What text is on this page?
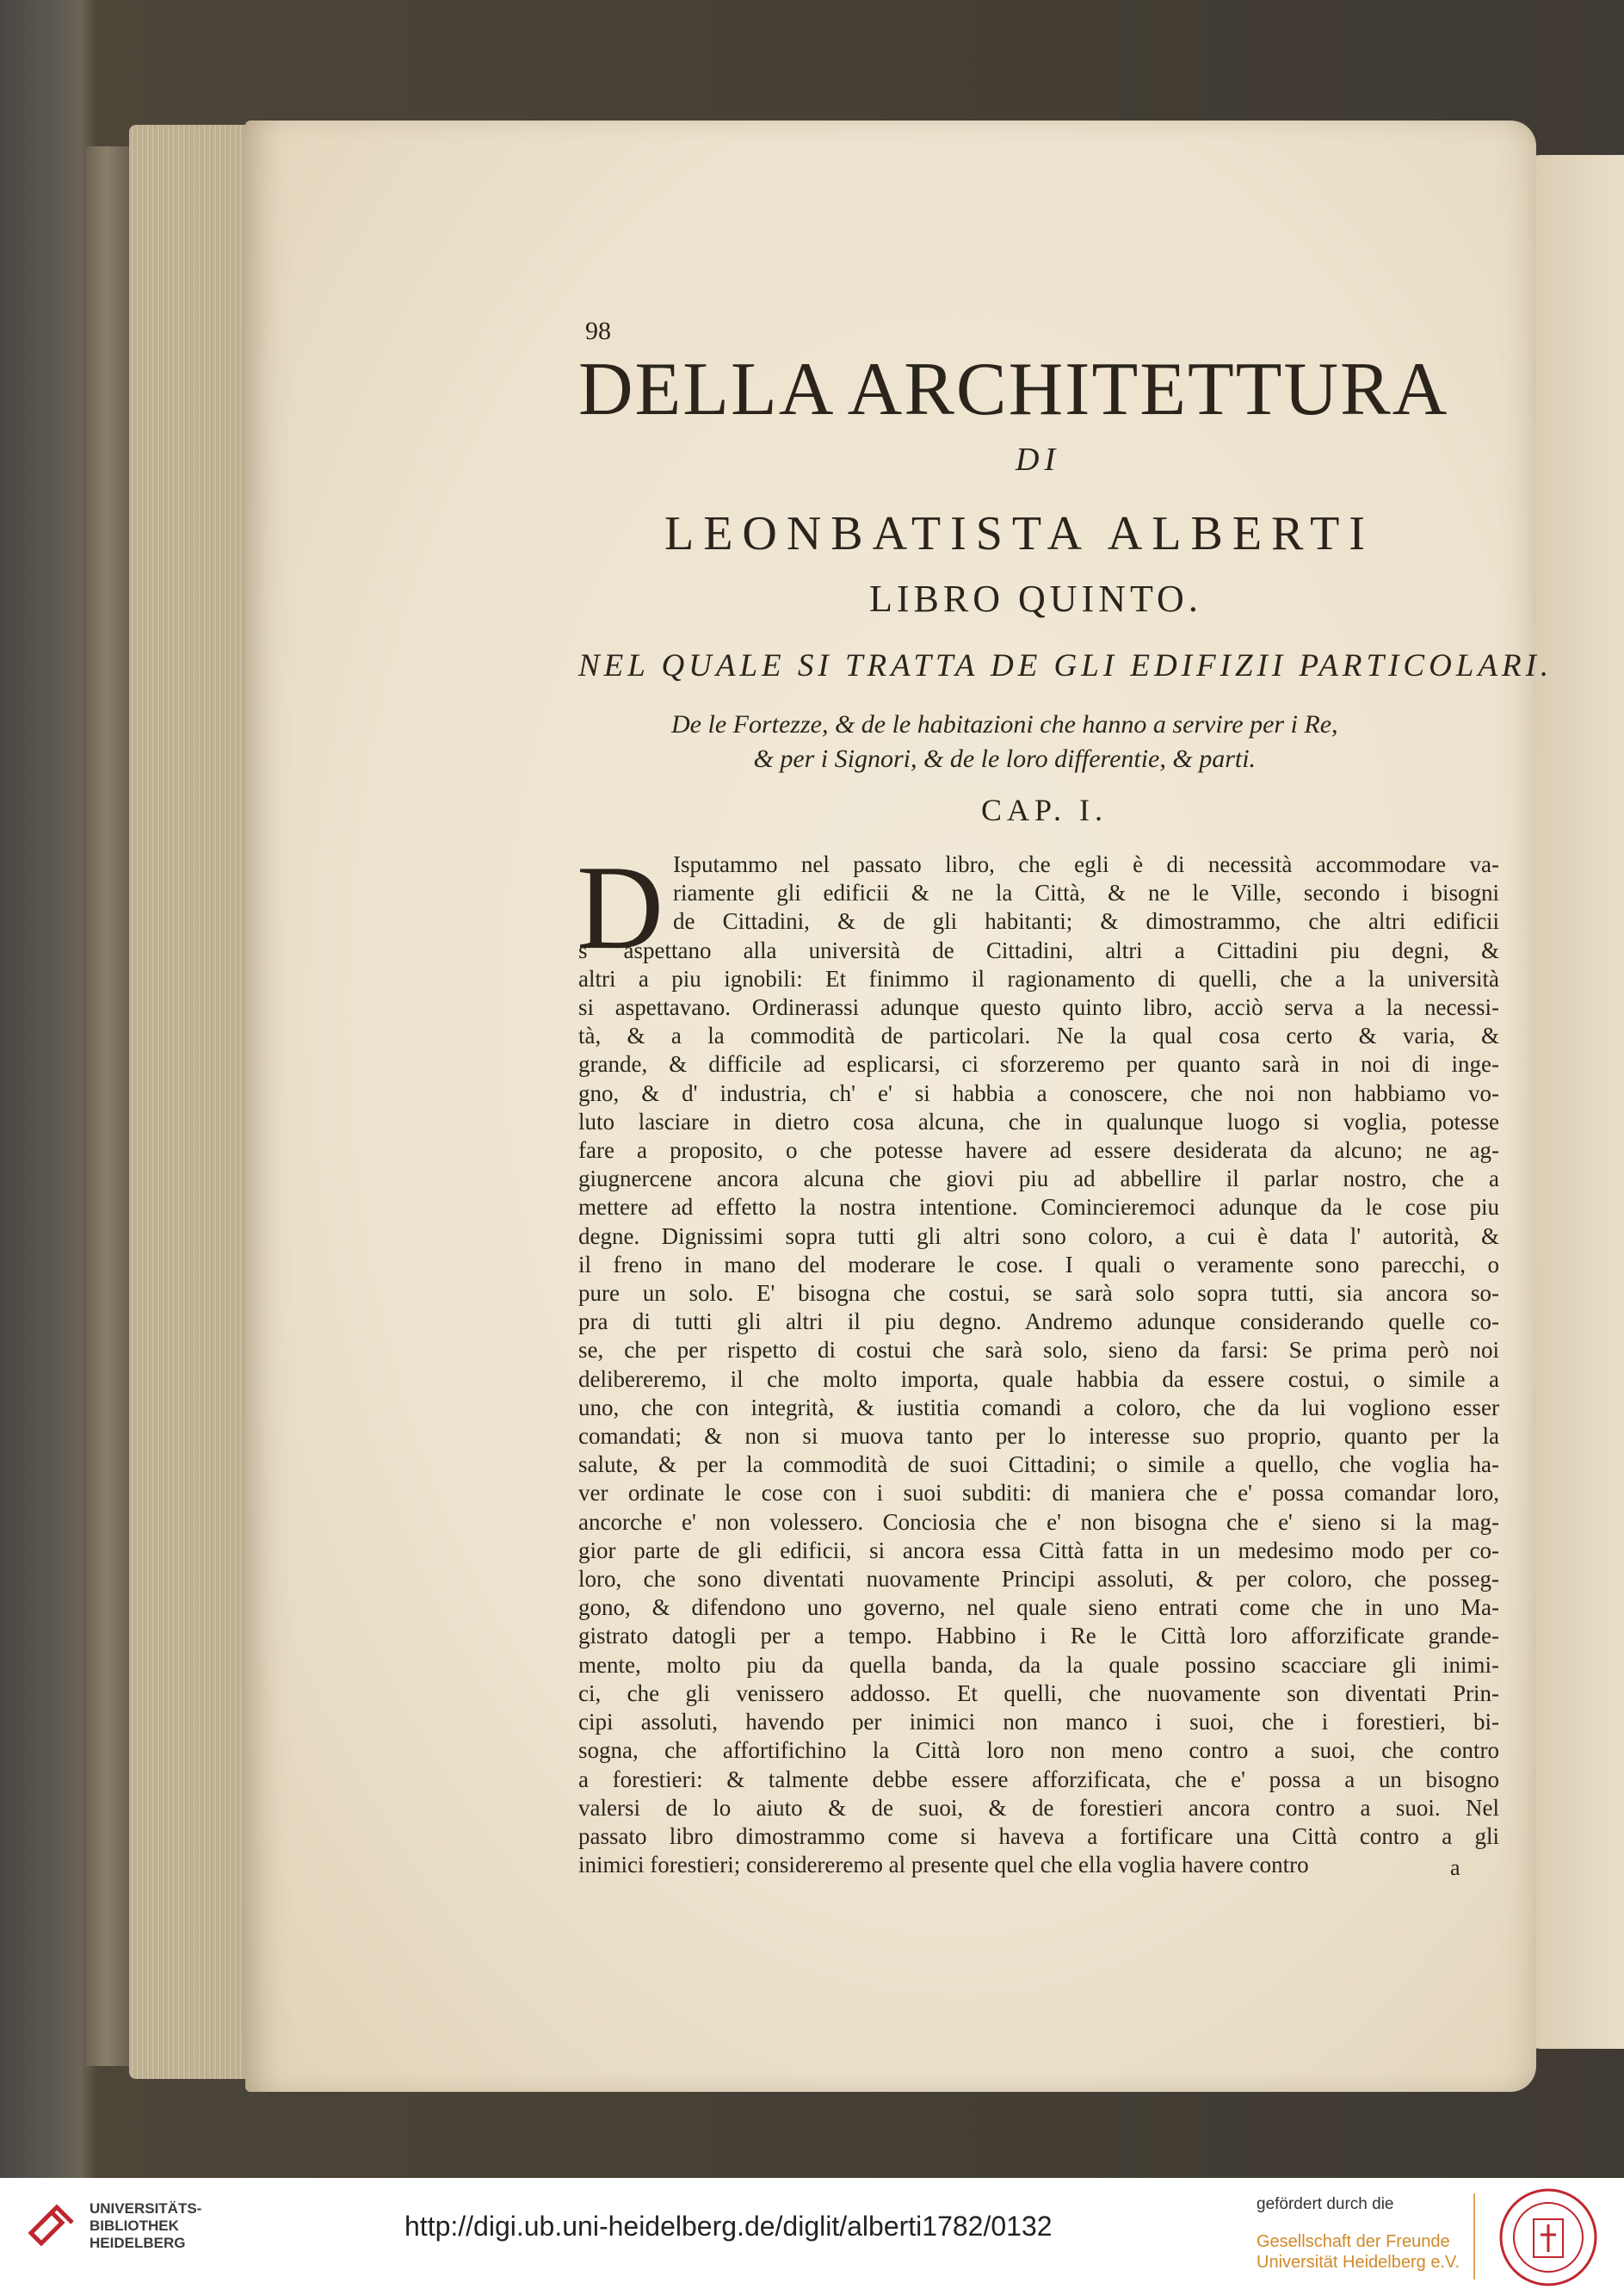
98
DELLA ARCHITETTURA
DI
LEONBATISTA ALBERTI
LIBRO QUINTO.
NEL QUALE SI TRATTA DE GLI EDIFIZII PARTICOLARI.
De le Fortezze, & de le habitazioni che hanno a servire per i Re,
& per i Signori, & de le loro differentie, & parti.
CAP. I.
D Isputammo nel passato libro, che egli è di necessità accommodare va-
riamente gli edificii & ne la Città, & ne le Ville, secondo i bisogni
de Cittadini, & de gli habitanti; & dimostrammo, che altri edificii
s' aspettano alla università de Cittadini, altri a Cittadini piu degni, &
altri a piu ignobili: Et finimmo il ragionamento di quelli, che a la università
si aspettavano. Ordinerassi adunque questo quinto libro, acciò serva a la necessi-
tà, & a la commodità de particolari. Ne la qual cosa certo & varia, &
grande, & difficile ad esplicarsi, ci sforzeremo per quanto sarà in noi di inge-
gno, & d' industria, ch' e' si habbia a conoscere, che noi non habbiamo vo-
luto lasciare in dietro cosa alcuna, che in qualunque luogo si voglia, potesse
fare a proposito, o che potesse havere ad essere desiderata da alcuno; ne ag-
giugnercene ancora alcuna che giovi piu ad abbellire il parlar nostro, che a
mettere ad effetto la nostra intentione. Comincieremoci adunque da le cose piu
degne. Dignissimi sopra tutti gli altri sono coloro, a cui è data l' autorità, &
il freno in mano del moderare le cose. I quali o veramente sono parecchi, o
pure un solo. E' bisogna che costui, se sarà solo sopra tutti, sia ancora so-
pra di tutti gli altri il piu degno. Andremo adunque considerando quelle co-
se, che per rispetto di costui che sarà solo, sieno da farsi: Se prima però noi
delibereremo, il che molto importa, quale habbia da essere costui, o simile a
uno, che con integrità, & iustitia comandi a coloro, che da lui vogliono esser
comandati; & non si muova tanto per lo interesse suo proprio, quanto per la
salute, & per la commodità de suoi Cittadini; o simile a quello, che voglia ha-
ver ordinate le cose con i suoi subditi: di maniera che e' possa comandar loro,
ancorche e' non volessero. Conciosia che e' non bisogna che e' sieno si la mag-
gior parte de gli edificii, si ancora essa Città fatta in un medesimo modo per co-
loro, che sono diventati nuovamente Principi assoluti, & per coloro, che posseg-
gono, & difendono uno governo, nel quale sieno entrati come che in uno Ma-
gistrato datogli per a tempo. Habbino i Re le Città loro afforzificate grande-
mente, molto piu da quella banda, da la quale possino scacciare gli inimi-
ci, che gli venissero addosso. Et quelli, che nuovamente son diventati Prin-
cipi assoluti, havendo per inimici non manco i suoi, che i forestieri, bi-
sogna, che affortifichino la Città loro non meno contro a suoi, che contro
a forestieri: & talmente debbe essere afforzificata, che e' possa a un bisogno
valersi de lo aiuto & de suoi, & de forestieri ancora contro a suoi. Nel
passato libro dimostrammo come si haveva a fortificare una Città contro a gli
inimici forestieri; considereremo al presente quel che ella voglia havere contro	a
UNIVERSITÄTS-
BIBLIOTHEK
HEIDELBERG
http://digi.ub.uni-heidelberg.de/diglit/alberti1782/0132
gefördert durch die
Gesellschaft der Freunde
Universität Heidelberg e.V.
